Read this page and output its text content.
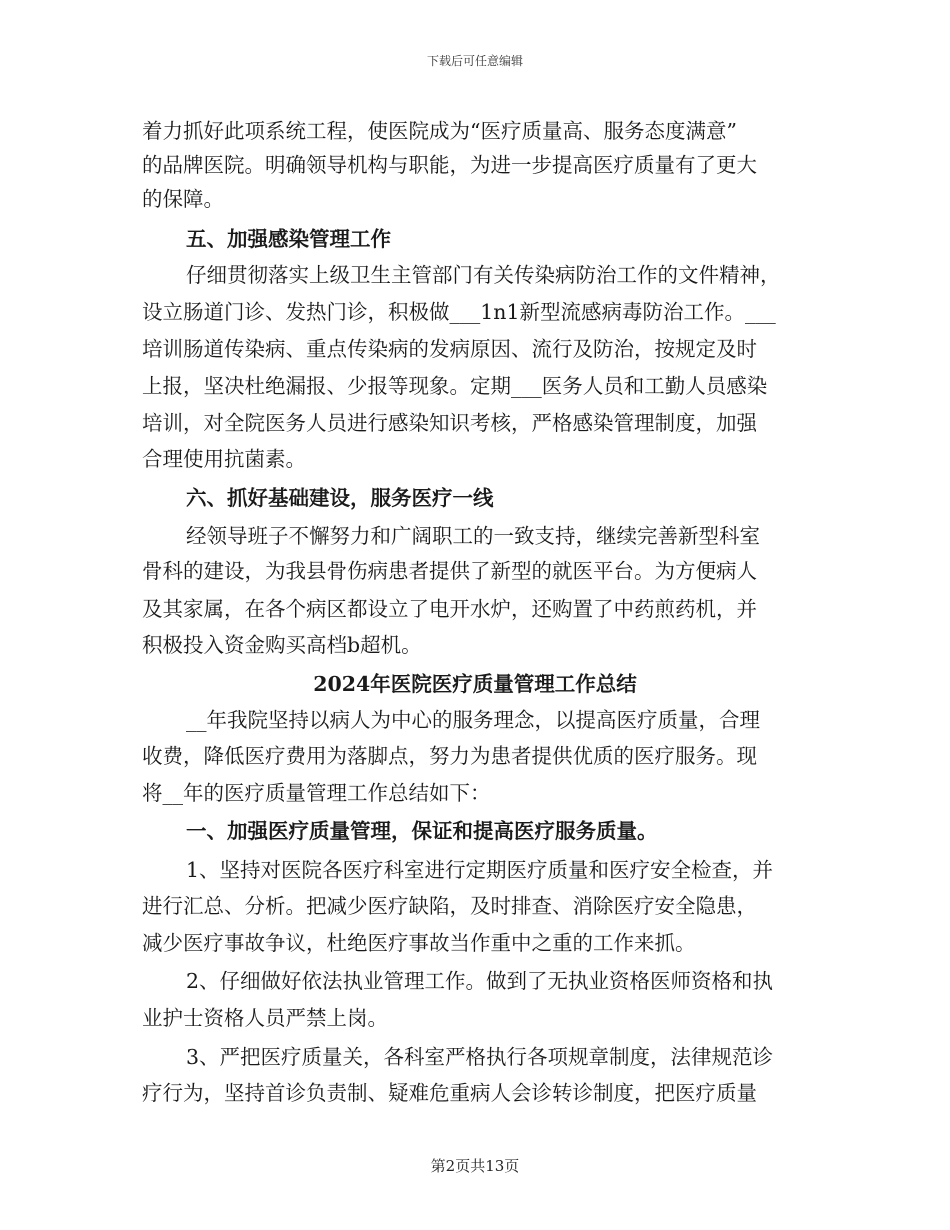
下载后可任意编辑
着力抓好此项系统工程，使医院成为“医疗质量高、服务态度满意”
的品牌医院。明确领导机构与职能，为进一步提高医疗质量有了更大
的保障。
五、加强感染管理工作
仔细贯彻落实上级卫生主管部门有关传染病防治工作的文件精神，
设立肠道门诊、发热门诊，积极做___1n1新型流感病毒防治工作。___
培训肠道传染病、重点传染病的发病原因、流行及防治，按规定及时
上报，坚决杜绝漏报、少报等现象。定期___医务人员和工勤人员感染
培训，对全院医务人员进行感染知识考核，严格感染管理制度，加强
合理使用抗菌素。
六、抓好基础建设，服务医疗一线
经领导班子不懈努力和广阔职工的一致支持，继续完善新型科室
骨科的建设，为我县骨伤病患者提供了新型的就医平台。为方便病人
及其家属，在各个病区都设立了电开水炉，还购置了中药煎药机，并
积极投入资金购买高档b超机。
2024年医院医疗质量管理工作总结
__年我院坚持以病人为中心的服务理念，以提高医疗质量，合理
收费，降低医疗费用为落脚点，努力为患者提供优质的医疗服务。现
将__年的医疗质量管理工作总结如下：
一、加强医疗质量管理，保证和提高医疗服务质量。
1、坚持对医院各医疗科室进行定期医疗质量和医疗安全检查，并
进行汇总、分析。把减少医疗缺陷，及时排查、消除医疗安全隐患，
减少医疗事故争议，杜绝医疗事故当作重中之重的工作来抓。
2、仔细做好依法执业管理工作。做到了无执业资格医师资格和执
业护士资格人员严禁上岗。
3、严把医疗质量关，各科室严格执行各项规章制度，法律规范诊
疗行为，坚持首诊负责制、疑难危重病人会诊转诊制度，把医疗质量
第2页共13页
